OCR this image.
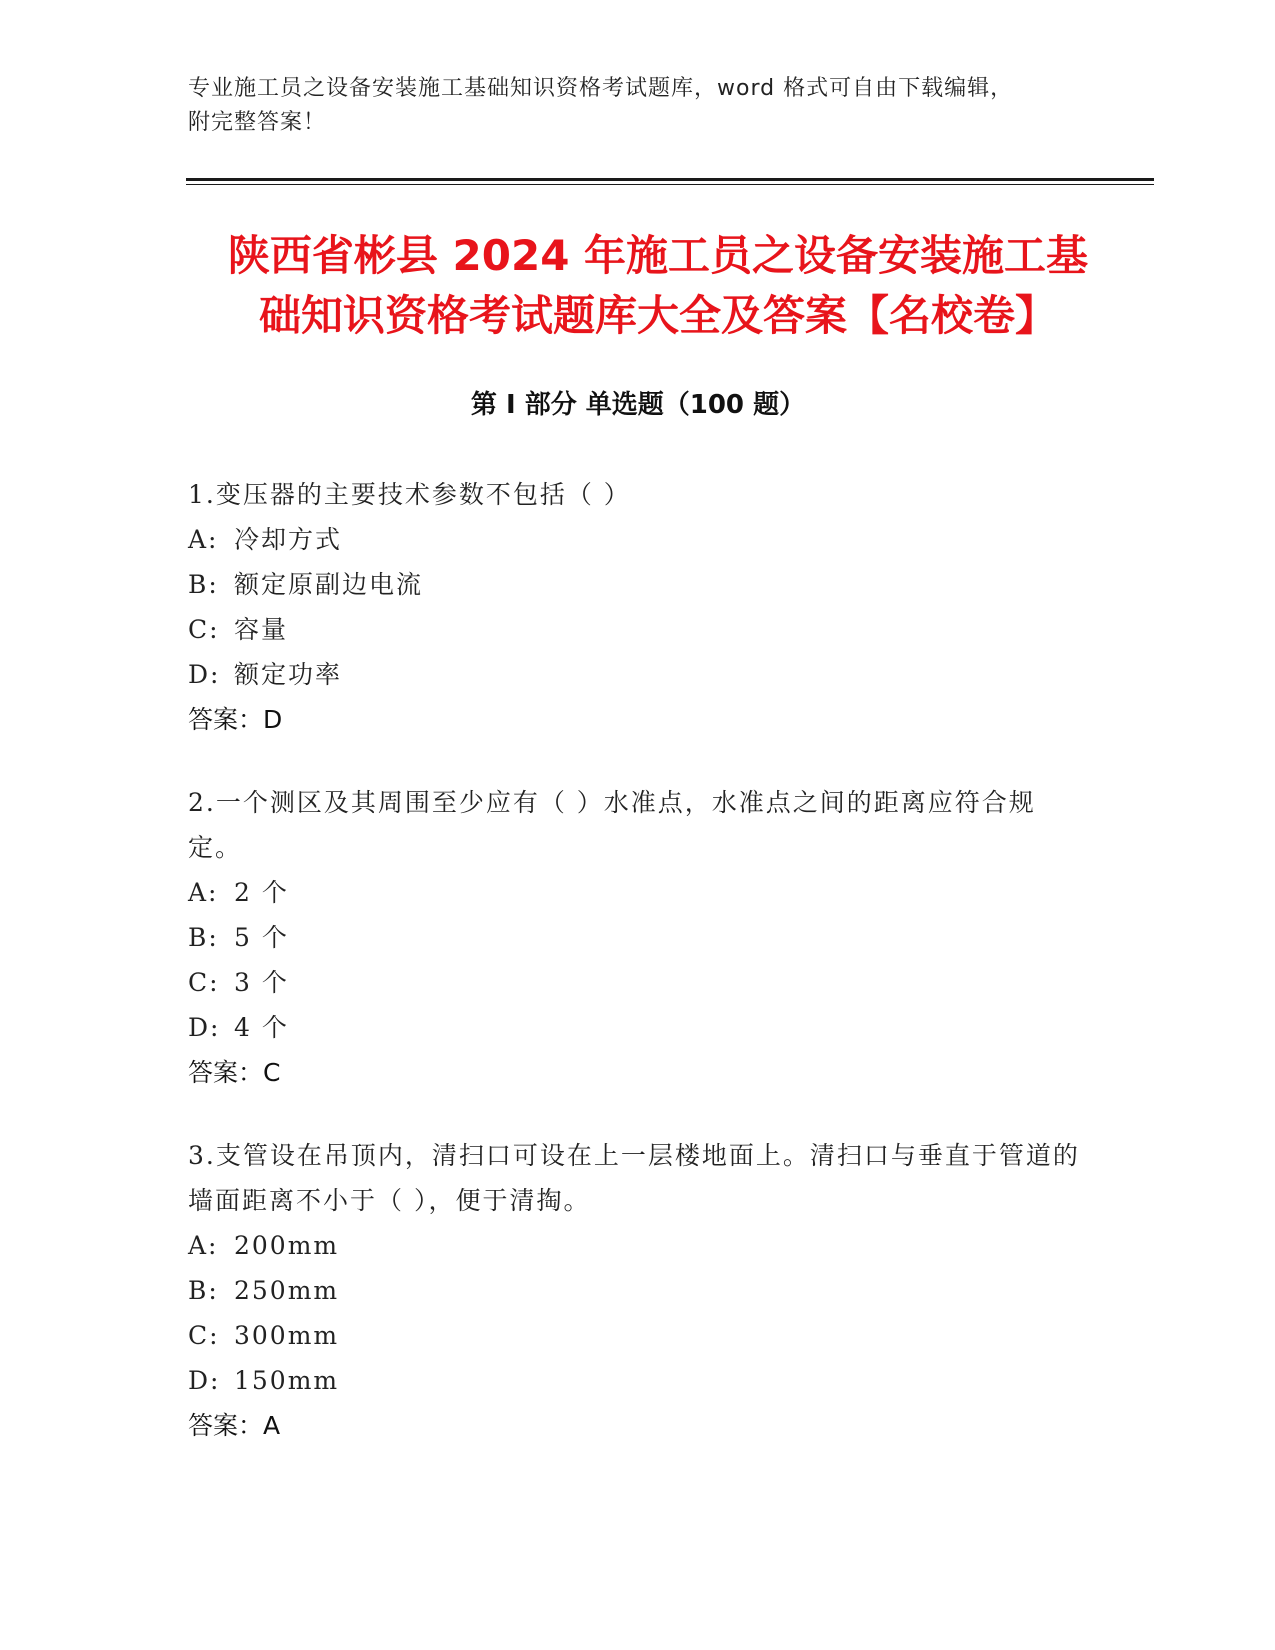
专业施工员之设备安装施工基础知识资格考试题库，word 格式可自由下载编辑，
附完整答案！
陕西省彬县 2024 年施工员之设备安装施工基
础知识资格考试题库大全及答案【名校卷】
第 I 部分 单选题（100 题）

1.变压器的主要技术参数不包括（ ）

A: 冷却方式

B: 额定原副边电流

C: 容量

D: 额定功率

答案：D

2.一个测区及其周围至少应有（ ）水准点，水准点之间的距离应符合规定。

A: 2 个

B: 5 个

C: 3 个

D: 4 个

答案：C

3.支管设在吊顶内，清扫口可设在上一层楼地面上。清扫口与垂直于管道的墙面距离不小于（ ），便于清掏。

A: 200mm

B: 250mm

C: 300mm

D: 150mm

答案：A
